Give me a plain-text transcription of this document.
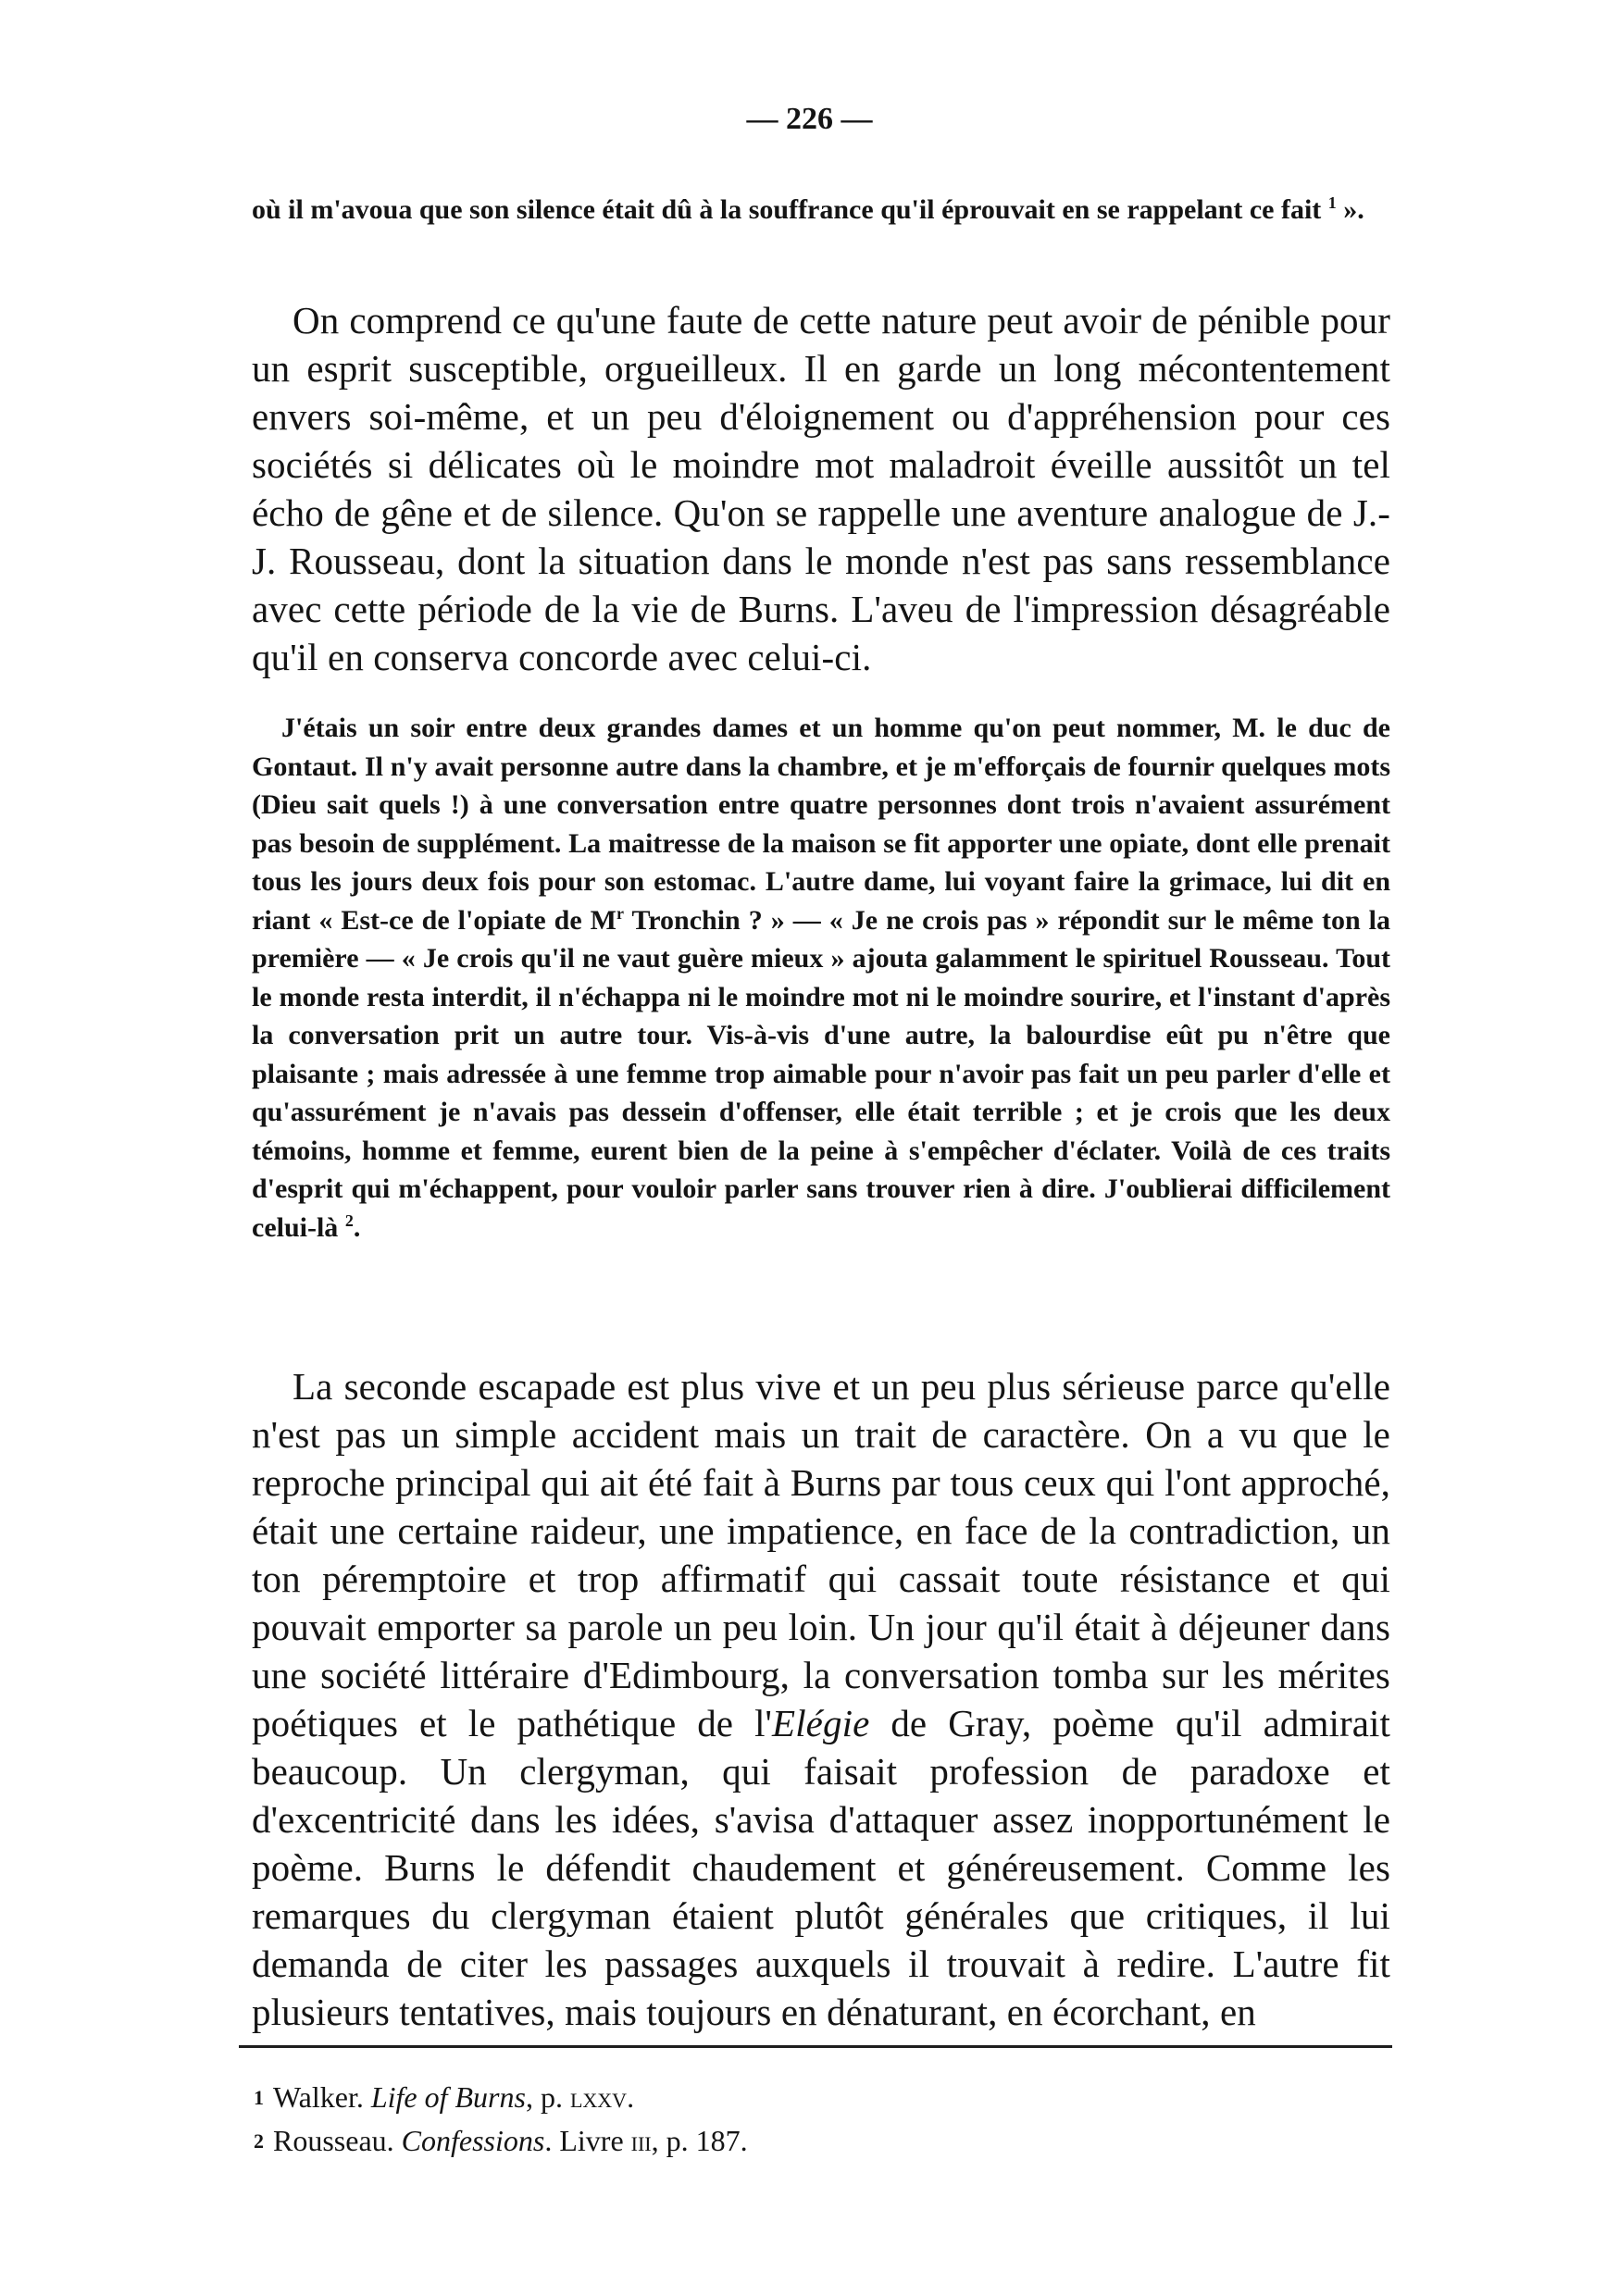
— 226 —

où il m'avoua que son silence était dû à la souffrance qu'il éprouvait en se rappelant ce fait $^1$ ».

On comprend ce qu'une faute de cette nature peut avoir de pénible pour un esprit susceptible, orgueilleux. Il en garde un long mécontentement envers soi-même, et un peu d'éloignement ou d'appréhension pour ces sociétés si délicates où le moindre mot maladroit éveille aussitôt un tel écho de gêne et de silence. Qu'on se rappelle une aventure analogue de J.-J. Rousseau, dont la situation dans le monde n'est pas sans ressemblance avec cette période de la vie de Burns. L'aveu de l'impression désagréable qu'il en conserva concorde avec celui-ci.

J'étais un soir entre deux grandes dames et un homme qu'on peut nommer, M. le duc de Gontaut. Il n'y avait personne autre dans la chambre, et je m'efforçais de fournir quelques mots (Dieu sait quels !) à une conversation entre quatre personnes dont trois n'avaient assurément pas besoin de supplément. La maitresse de la maison se fit apporter une opiate, dont elle prenait tous les jours deux fois pour son estomac. L'autre dame, lui voyant faire la grimace, lui dit en riant « Est-ce de l'opiate de $M^r$ Tronchin ? » — « Je ne crois pas » répondit sur le même ton la première — « Je crois qu'il ne vaut guère mieux » ajouta galamment le spirituel Rousseau. Tout le monde resta interdit, il n'échappa ni le moindre mot ni le moindre sourire, et l'instant d'après la conversation prit un autre tour. Vis-à-vis d'une autre, la balourdise eût pu n'être que plaisante ; mais adressée à une femme trop aimable pour n'avoir pas fait un peu parler d'elle et qu'assurément je n'avais pas dessein d'offenser, elle était terrible ; et je crois que les deux témoins, homme et femme, eurent bien de la peine à s'empêcher d'éclater. Voilà de ces traits d'esprit qui m'échappent, pour vouloir parler sans trouver rien à dire. J'oublierai difficilement celui-là $^2$.

La seconde escapade est plus vive et un peu plus sérieuse parce qu'elle n'est pas un simple accident mais un trait de caractère. On a vu que le reproche principal qui ait été fait à Burns par tous ceux qui l'ont approché, était une certaine raideur, une impatience, en face de la contradiction, un ton péremptoire et trop affirmatif qui cassait toute résistance et qui pouvait emporter sa parole un peu loin. Un jour qu'il était à déjeuner dans une société littéraire d'Edimbourg, la conversation tomba sur les mérites poétiques et le pathétique de l'Elégie de Gray, poème qu'il admirait beaucoup. Un clergyman, qui faisait profession de paradoxe et d'excentricité dans les idées, s'avisa d'attaquer assez inopportunément le poème. Burns le défendit chaudement et généreusement. Comme les remarques du clergyman étaient plutôt générales que critiques, il lui demanda de citer les passages auxquels il trouvait à redire. L'autre fit plusieurs tentatives, mais toujours en dénaturant, en écorchant, en

$^1$ Walker. Life of Burns, p. lxxv.
$^2$ Rousseau. Confessions. Livre iii, p. 187.
